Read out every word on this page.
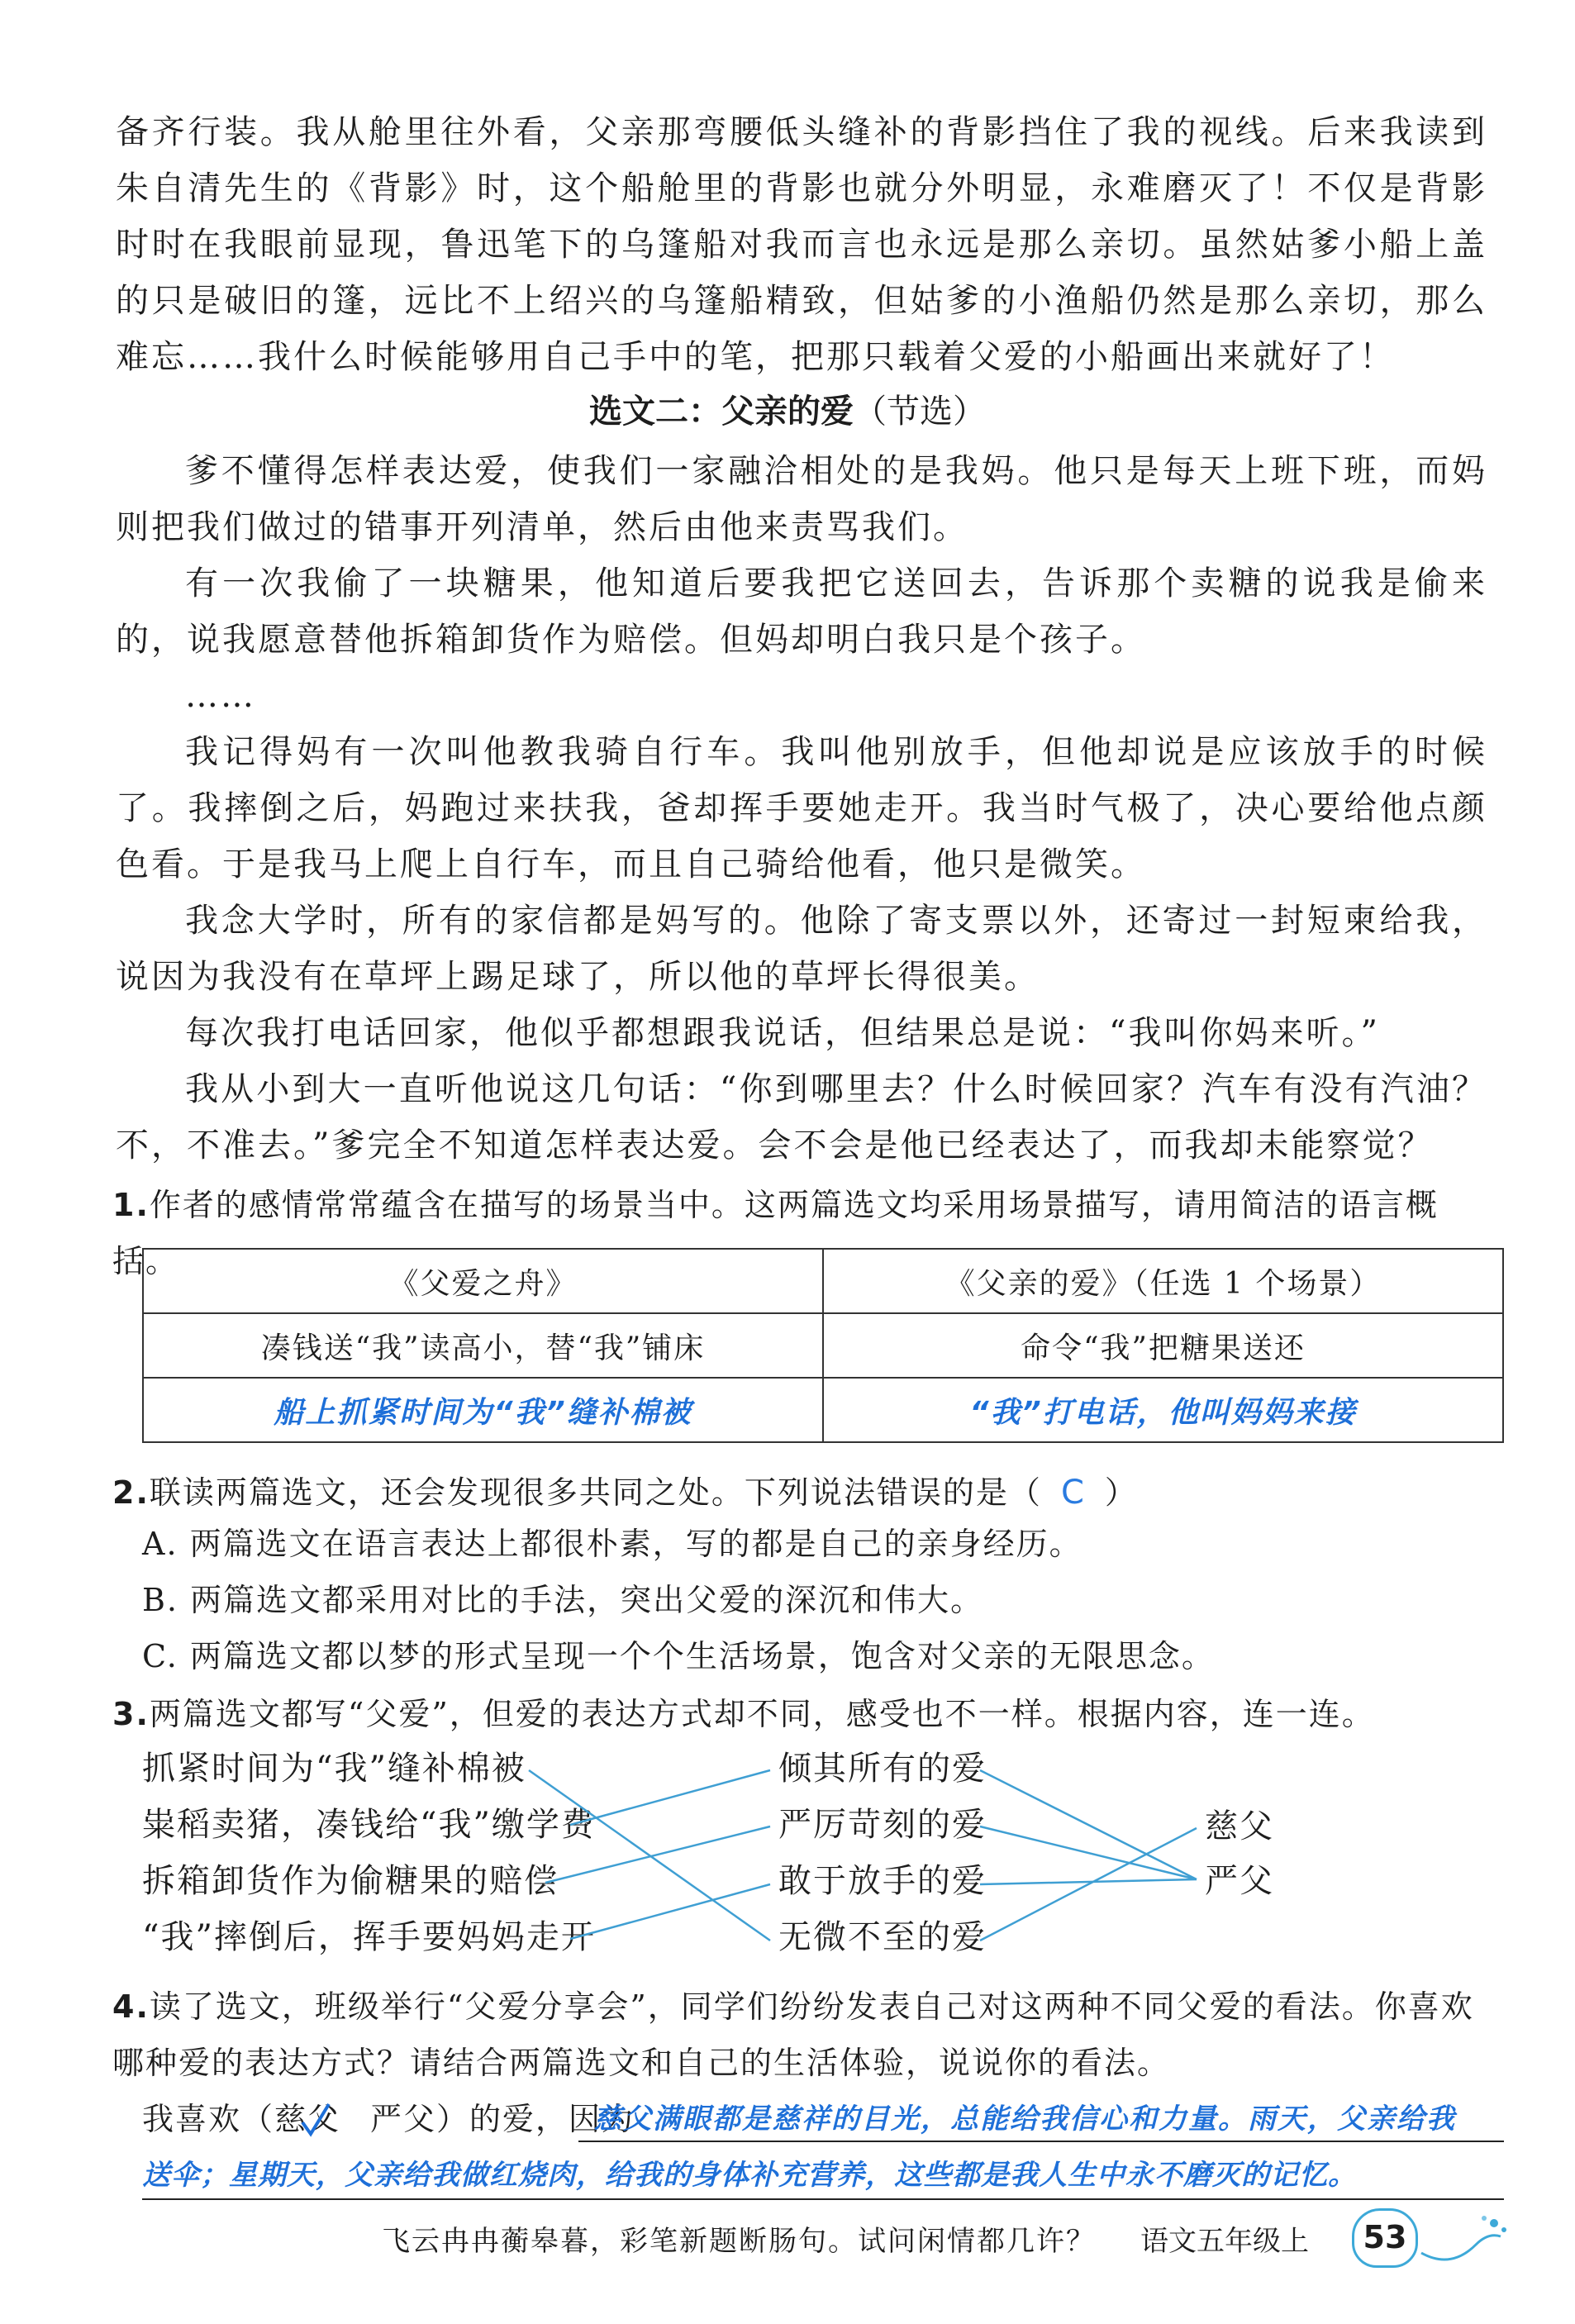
备齐行装。我从舱里往外看，父亲那弯腰低头缝补的背影挡住了我的视线。后来我读到朱自清先生的《背影》时，这个船舱里的背影也就分外明显，永难磨灭了！不仅是背影时时在我眼前显现，鲁迅笔下的乌篷船对我而言也永远是那么亲切。虽然姑爹小船上盖的只是破旧的篷，远比不上绍兴的乌篷船精致，但姑爹的小渔船仍然是那么亲切，那么难忘……我什么时候能够用自己手中的笔，把那只载着父爱的小船画出来就好了！

选文二：父亲的爱（节选）

爹不懂得怎样表达爱，使我们一家融洽相处的是我妈。他只是每天上班下班，而妈则把我们做过的错事开列清单，然后由他来责骂我们。

有一次我偷了一块糖果，他知道后要我把它送回去，告诉那个卖糖的说我是偷来的，说我愿意替他拆箱卸货作为赔偿。但妈却明白我只是个孩子。

……

我记得妈有一次叫他教我骑自行车。我叫他别放手，但他却说是应该放手的时候了。我摔倒之后，妈跑过来扶我，爸却挥手要她走开。我当时气极了，决心要给他点颜色看。于是我马上爬上自行车，而且自己骑给他看，他只是微笑。

我念大学时，所有的家信都是妈写的。他除了寄支票以外，还寄过一封短柬给我，说因为我没有在草坪上踢足球了，所以他的草坪长得很美。

每次我打电话回家，他似乎都想跟我说话，但结果总是说：“我叫你妈来听。”

我从小到大一直听他说这几句话：“你到哪里去？什么时候回家？汽车有没有汽油？不，不准去。”爹完全不知道怎样表达爱。会不会是他已经表达了，而我却未能察觉？

1.作者的感情常常蕴含在描写的场景当中。这两篇选文均采用场景描写，请用简洁的语言概括。
《父爱之舟》	《父亲的爱》（任选 1 个场景）
凑钱送“我”读高小，替“我”铺床	命令“我”把糖果送还
船上抓紧时间为“我”缝补棉被	“我”打电话，他叫妈妈来接
2.联读两篇选文，还会发现很多共同之处。下列说法错误的是（ C ）
A. 两篇选文在语言表达上都很朴素，写的都是自己的亲身经历。
B. 两篇选文都采用对比的手法，突出父爱的深沉和伟大。
C. 两篇选文都以梦的形式呈现一个个生活场景，饱含对父亲的无限思念。
3.两篇选文都写“父爱”，但爱的表达方式却不同，感受也不一样。根据内容，连一连。
抓紧时间为“我”缝补棉被
粜稻卖猪，凑钱给“我”缴学费
拆箱卸货作为偷糖果的赔偿
“我”摔倒后，挥手要妈妈走开
倾其所有的爱
严厉苛刻的爱
敢于放手的爱
无微不至的爱
慈父
严父
4.读了选文，班级举行“父爱分享会”，同学们纷纷发表自己对这两种不同父爱的看法。你喜欢哪种爱的表达方式？请结合两篇选文和自己的生活体验，说说你的看法。
我喜欢（慈父 严父）的爱，因为
慈父满眼都是慈祥的目光，总能给我信心和力量。雨天，父亲给我
送伞；星期天，父亲给我做红烧肉，给我的身体补充营养，这些都是我人生中永不磨灭的记忆。
飞云冉冉蘅皋暮，彩笔新题断肠句。试问闲情都几许？ 语文五年级上	53
